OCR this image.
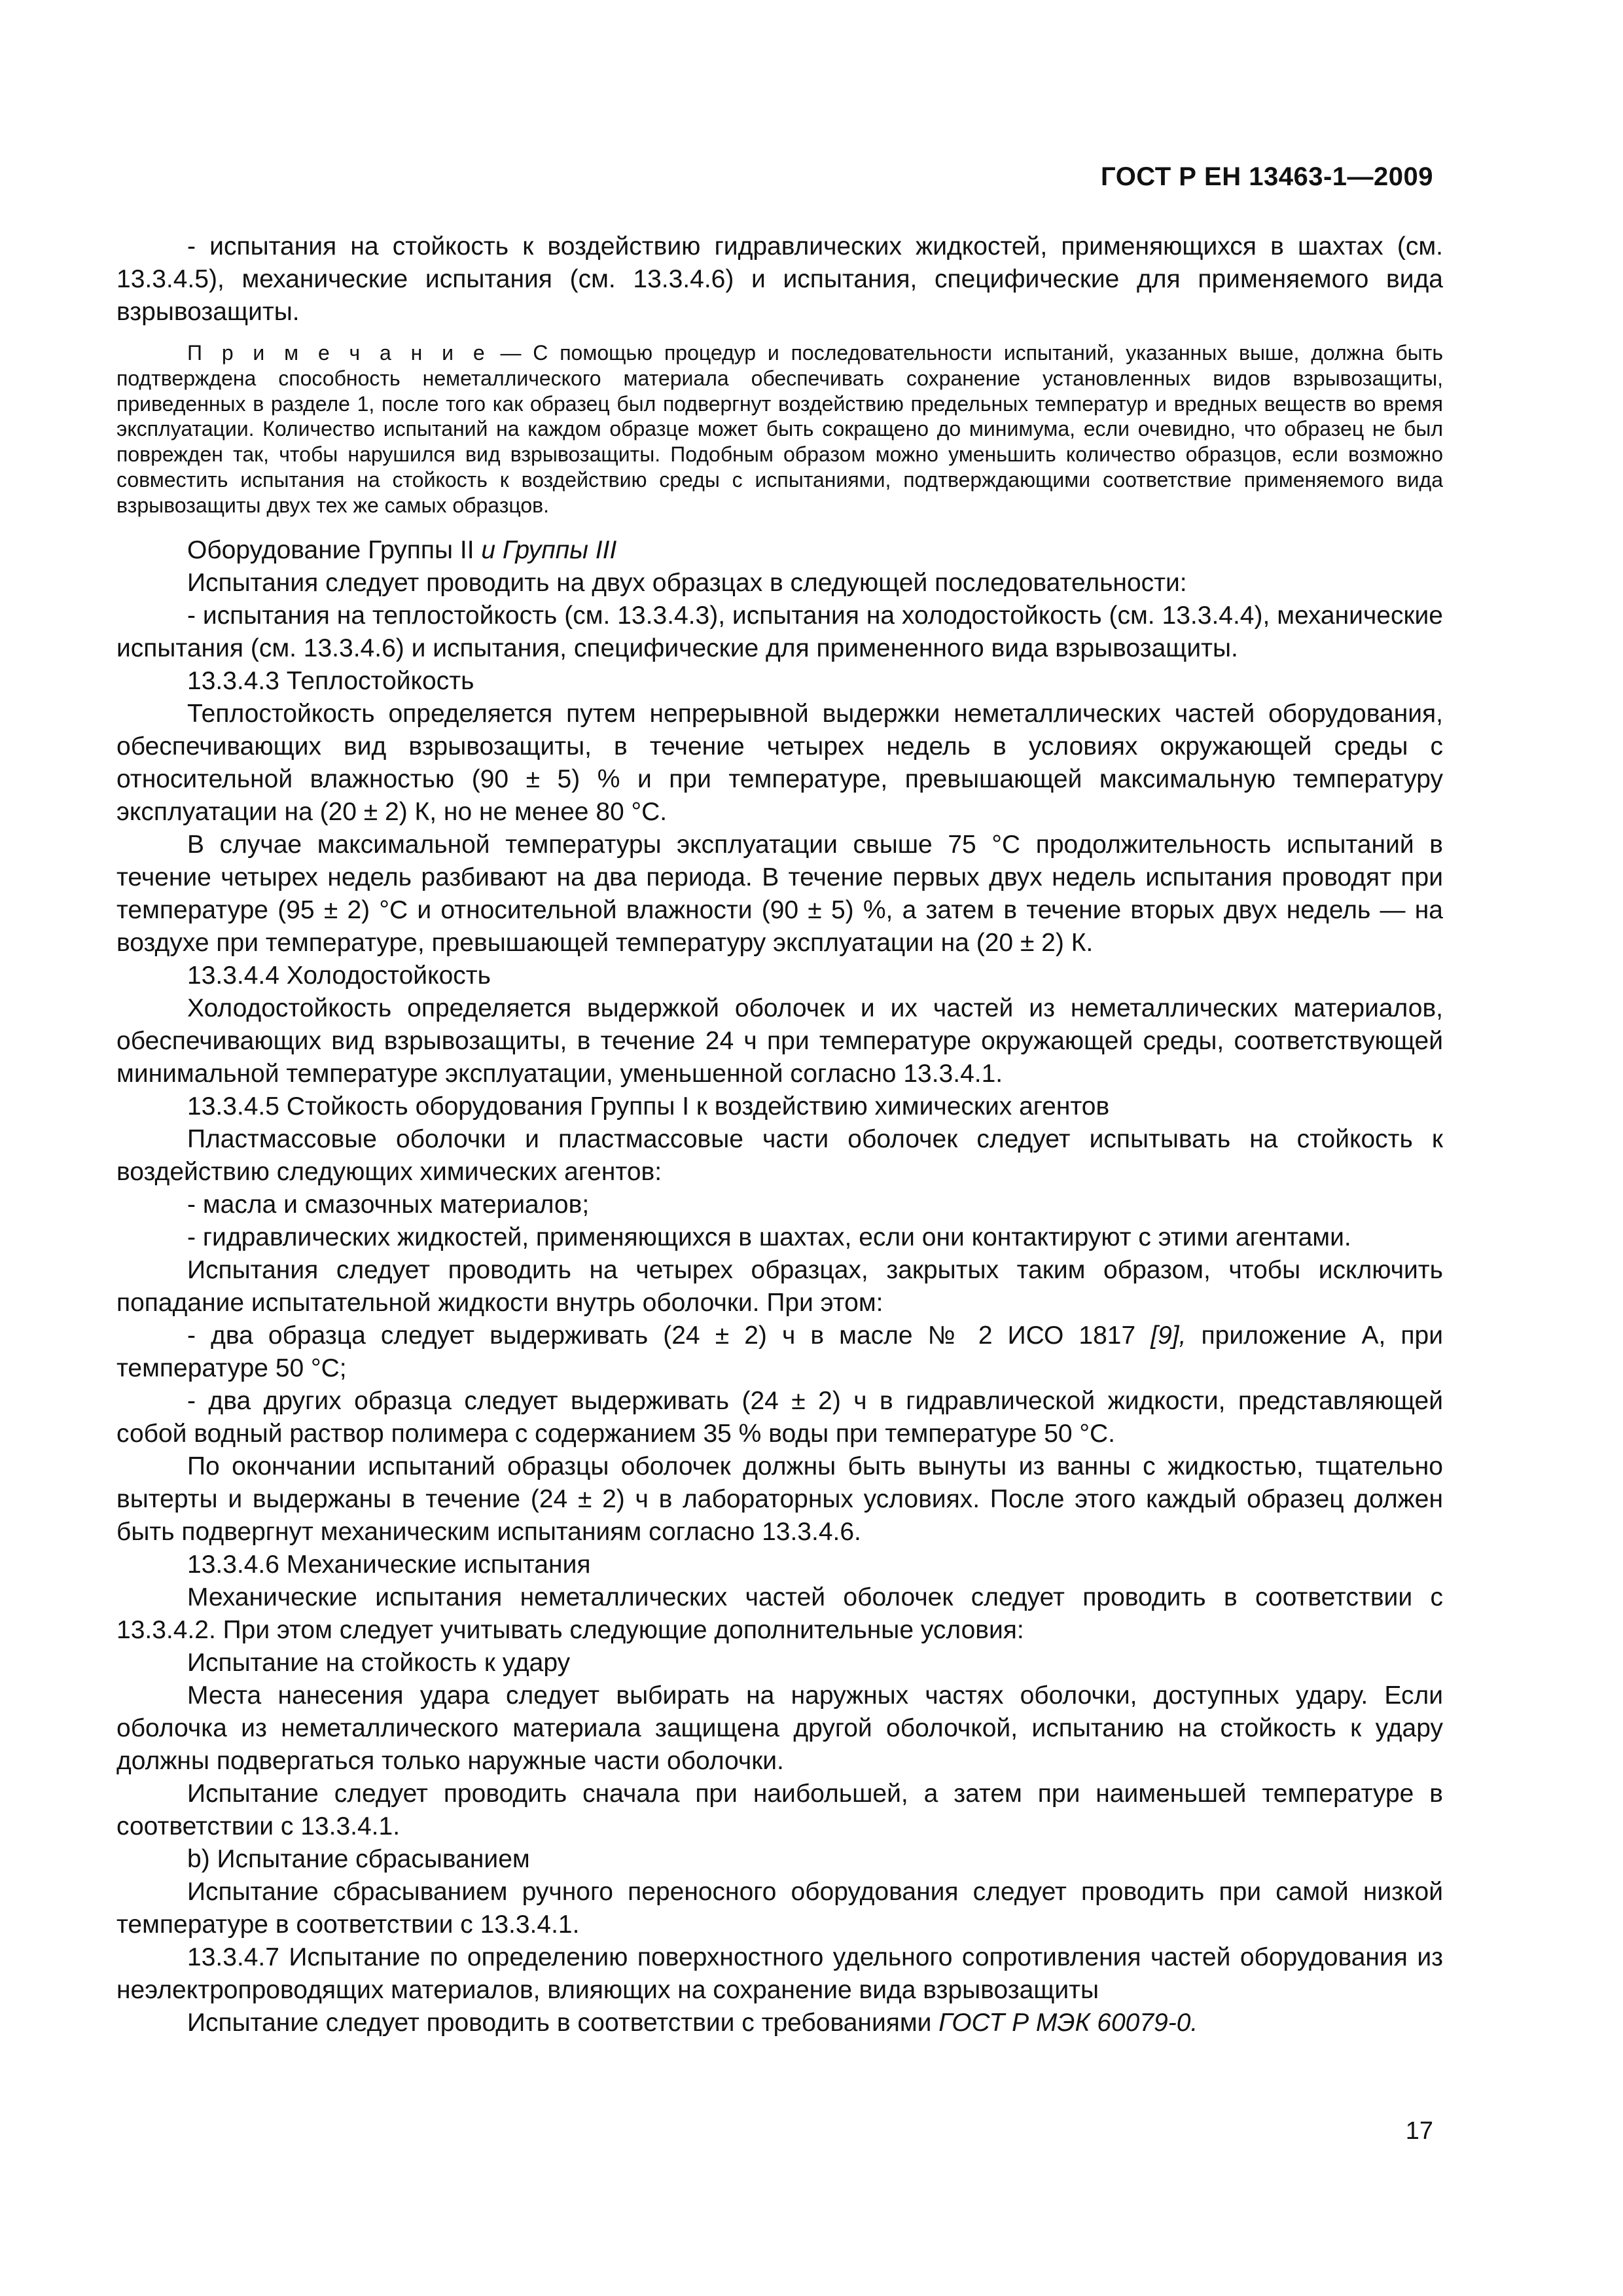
ГОСТ Р ЕН 13463-1—2009

- испытания на стойкость к воздействию гидравлических жидкостей, применяющихся в шахтах (см. 13.3.4.5), механические испытания (см. 13.3.4.6) и испытания, специфические для применяемого вида взрывозащиты.

П р и м е ч а н и е — С помощью процедур и последовательности испытаний, указанных выше, должна быть подтверждена способность неметаллического материала обеспечивать сохранение установленных видов взрывозащиты, приведенных в разделе 1, после того как образец был подвергнут воздействию предельных температур и вредных веществ во время эксплуатации. Количество испытаний на каждом образце может быть сокращено до минимума, если очевидно, что образец не был поврежден так, чтобы нарушился вид взрывозащиты. Подобным образом можно уменьшить количество образцов, если возможно совместить испытания на стойкость к воздействию среды с испытаниями, подтверждающими соответствие применяемого вида взрывозащиты двух тех же самых образцов.

Оборудование Группы II и Группы III

Испытания следует проводить на двух образцах в следующей последовательности:

- испытания на теплостойкость (см. 13.3.4.3), испытания на холодостойкость (см. 13.3.4.4), механические испытания (см. 13.3.4.6) и испытания, специфические для примененного вида взрывозащиты.

13.3.4.3 Теплостойкость

Теплостойкость определяется путем непрерывной выдержки неметаллических частей оборудования, обеспечивающих вид взрывозащиты, в течение четырех недель в условиях окружающей среды с относительной влажностью (90 ± 5) % и при температуре, превышающей максимальную температуру эксплуатации на (20 ± 2) К, но не менее 80 °С.

В случае максимальной температуры эксплуатации свыше 75 °С продолжительность испытаний в течение четырех недель разбивают на два периода. В течение первых двух недель испытания проводят при температуре (95 ± 2) °С и относительной влажности (90 ± 5) %, а затем в течение вторых двух недель — на воздухе при температуре, превышающей температуру эксплуатации на (20 ± 2) К.

13.3.4.4 Холодостойкость

Холодостойкость определяется выдержкой оболочек и их частей из неметаллических материалов, обеспечивающих вид взрывозащиты, в течение 24 ч при температуре окружающей среды, соответствующей минимальной температуре эксплуатации, уменьшенной согласно 13.3.4.1.

13.3.4.5 Стойкость оборудования Группы I к воздействию химических агентов

Пластмассовые оболочки и пластмассовые части оболочек следует испытывать на стойкость к воздействию следующих химических агентов:

- масла и смазочных материалов;

- гидравлических жидкостей, применяющихся в шахтах, если они контактируют с этими агентами.

Испытания следует проводить на четырех образцах, закрытых таким образом, чтобы исключить попадание испытательной жидкости внутрь оболочки. При этом:

- два образца следует выдерживать (24 ± 2) ч в масле № 2 ИСО 1817 [9], приложение А, при температуре 50 °С;

- два других образца следует выдерживать (24 ± 2) ч в гидравлической жидкости, представляющей собой водный раствор полимера с содержанием 35 % воды при температуре 50 °С.

По окончании испытаний образцы оболочек должны быть вынуты из ванны с жидкостью, тщательно вытерты и выдержаны в течение (24 ± 2) ч в лабораторных условиях. После этого каждый образец должен быть подвергнут механическим испытаниям согласно 13.3.4.6.

13.3.4.6 Механические испытания

Механические испытания неметаллических частей оболочек следует проводить в соответствии с 13.3.4.2. При этом следует учитывать следующие дополнительные условия:

Испытание на стойкость к удару

Места нанесения удара следует выбирать на наружных частях оболочки, доступных удару. Если оболочка из неметаллического материала защищена другой оболочкой, испытанию на стойкость к удару должны подвергаться только наружные части оболочки.

Испытание следует проводить сначала при наибольшей, а затем при наименьшей температуре в соответствии с 13.3.4.1.

b) Испытание сбрасыванием

Испытание сбрасыванием ручного переносного оборудования следует проводить при самой низкой температуре в соответствии с 13.3.4.1.

13.3.4.7 Испытание по определению поверхностного удельного сопротивления частей оборудования из неэлектропроводящих материалов, влияющих на сохранение вида взрывозащиты

Испытание следует проводить в соответствии с требованиями ГОСТ Р МЭК 60079-0.

17
